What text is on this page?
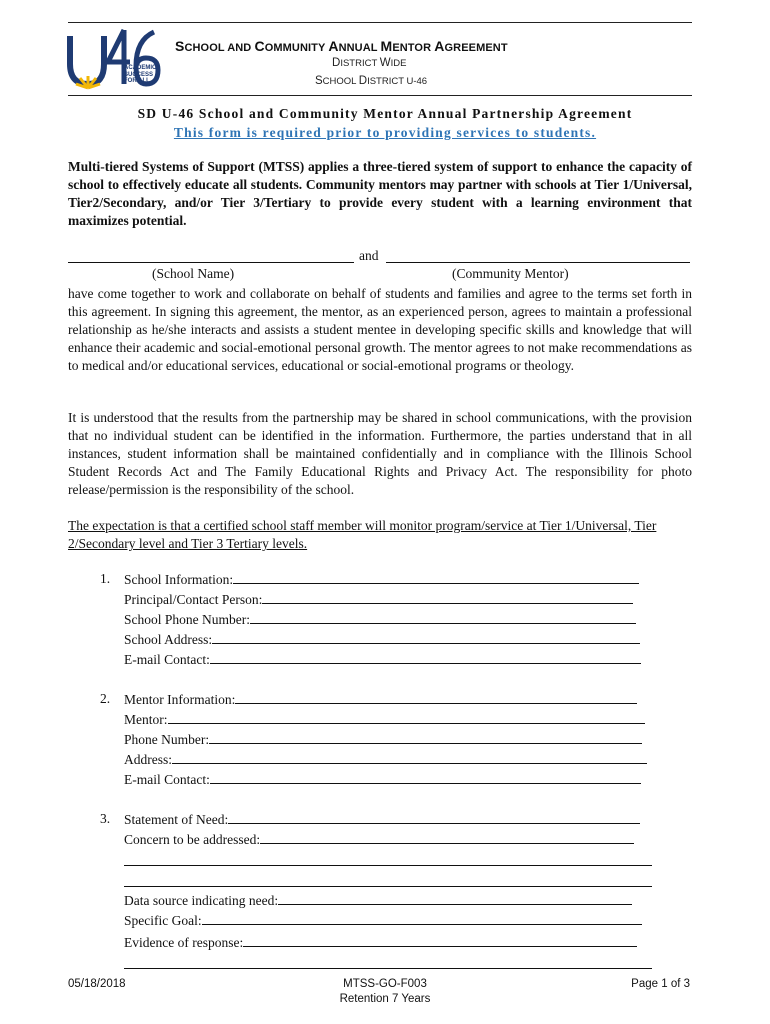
ACADEMIC
SUCCESS
FOR ALL
SCHOOL AND COMMUNITY ANNUAL MENTOR AGREEMENT
DISTRICT WIDE
SCHOOL DISTRICT U-46
SD U-46 School and Community Mentor Annual Partnership Agreement
This form is required prior to providing services to students.
Multi-tiered Systems of Support (MTSS) applies a three-tiered system of support to enhance the capacity of school to effectively educate all students. Community mentors may partner with schools at Tier 1/Universal, Tier2/Secondary, and/or Tier 3/Tertiary to provide every student with a learning environment that maximizes potential.
and
(School Name)	(Community Mentor)
have come together to work and collaborate on behalf of students and families and agree to the terms set forth in this agreement. In signing this agreement, the mentor, as an experienced person, agrees to maintain a professional relationship as he/she interacts and assists a student mentee in developing specific skills and knowledge that will enhance their academic and social-emotional personal growth. The mentor agrees to not make recommendations as to medical and/or educational services, educational or social-emotional programs or theology.
It is understood that the results from the partnership may be shared in school communications, with the provision that no individual student can be identified in the information. Furthermore, the parties understand that in all instances, student information shall be maintained confidentially and in compliance with the Illinois School Student Records Act and The Family Educational Rights and Privacy Act. The responsibility for photo release/permission is the responsibility of the school.
The expectation is that a certified school staff member will monitor program/service at Tier 1/Universal, Tier 2/Secondary level and Tier 3 Tertiary levels.
1. School Information:
Principal/Contact Person:
School Phone Number:
School Address:
E-mail Contact:
2. Mentor Information:
Mentor:
Phone Number:
Address:
E-mail Contact:
3. Statement of Need:
Concern to be addressed:
Data source indicating need:
Specific Goal:
Evidence of response:
05/18/2018	MTSS-GO-F003
Retention 7 Years
Page 1 of 3
